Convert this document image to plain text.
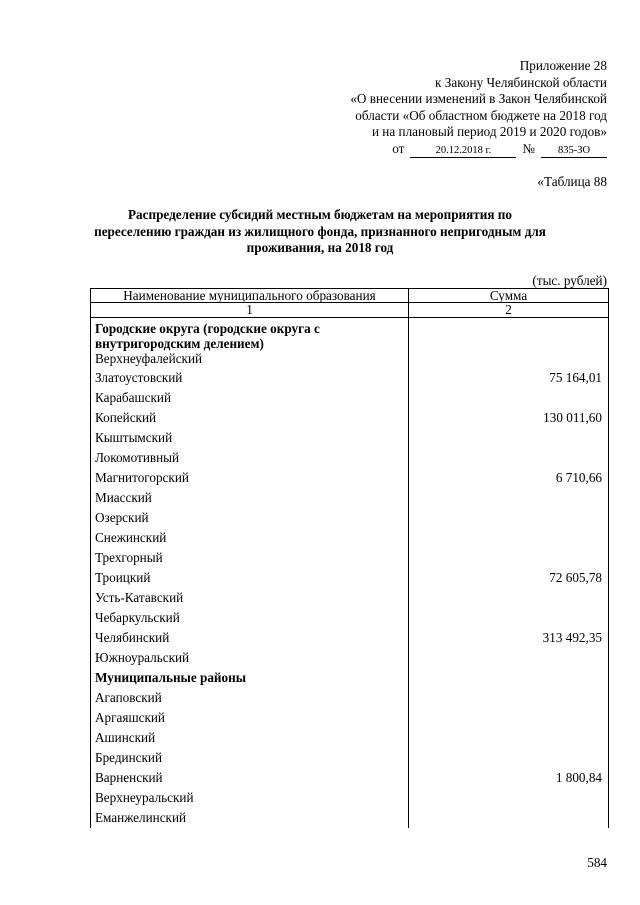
Приложение 28
к Закону Челябинской области
«О внесении изменений в Закон Челябинской
области «Об областном бюджете на 2018 год
и на плановый период 2019 и 2020 годов»
от	20.12.2018 г.	№	835-ЗО
«Таблица 88
Распределение субсидий местным бюджетам на мероприятия по переселению граждан из жилищного фонда, признанного непригодным для проживания, на 2018 год
(тыс. рублей)
Наименование муниципального образования	Сумма
1	2
Городские округа (городские округа с внутригородским делением)	
Верхнеуфалейский	
Златоустовский	75 164,01
Карабашский	
Копейский	130 011,60
Кыштымский	
Локомотивный	
Магнитогорский	6 710,66
Миасский	
Озерский	
Снежинский	
Трехгорный	
Троицкий	72 605,78
Усть-Катавский	
Чебаркульский	
Челябинский	313 492,35
Южноуральский	
Муниципальные районы	
Агаповский	
Аргаяшский	
Ашинский	
Брединский	
Варненский	1 800,84
Верхнеуральский	
Еманжелинский	
584
